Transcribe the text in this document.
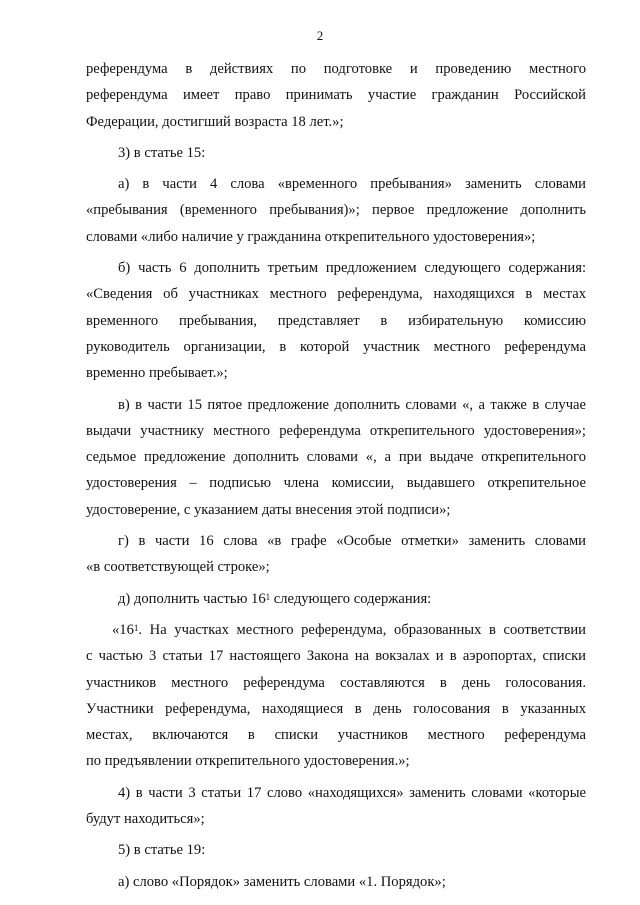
2

референдума в действиях по подготовке и проведению местного
референдума имеет право принимать участие гражданин Российской
Федерации, достигший возраста 18 лет.»;

3) в статье 15:

а) в части 4 слова «временного пребывания» заменить словами
«пребывания (временного пребывания)»; первое предложение дополнить
словами «либо наличие у гражданина открепительного удостоверения»;

б) часть 6 дополнить третьим предложением следующего содержания:
«Сведения об участниках местного референдума, находящихся в местах
временного пребывания, представляет в избирательную комиссию
руководитель организации, в которой участник местного референдума
временно пребывает.»;

в) в части 15 пятое предложение дополнить словами «, а также в случае
выдачи участнику местного референдума открепительного удостоверения»;
седьмое предложение дополнить словами «, а при выдаче открепительного
удостоверения – подписью члена комиссии, выдавшего открепительное
удостоверение, с указанием даты внесения этой подписи»;

г) в части 16 слова «в графе «Особые отметки» заменить словами
«в соответствующей строке»;

д) дополнить частью $16^1$ следующего содержания:

«$16^1$. На участках местного референдума, образованных в соответствии
с частью 3 статьи 17 настоящего Закона на вокзалах и в аэропортах, списки
участников местного референдума составляются в день голосования.
Участники референдума, находящиеся в день голосования в указанных
местах, включаются в списки участников местного референдума
по предъявлении открепительного удостоверения.»;

4) в части 3 статьи 17 слово «находящихся» заменить словами «которые
будут находиться»;

5) в статье 19:

а) слово «Порядок» заменить словами «1. Порядок»;
